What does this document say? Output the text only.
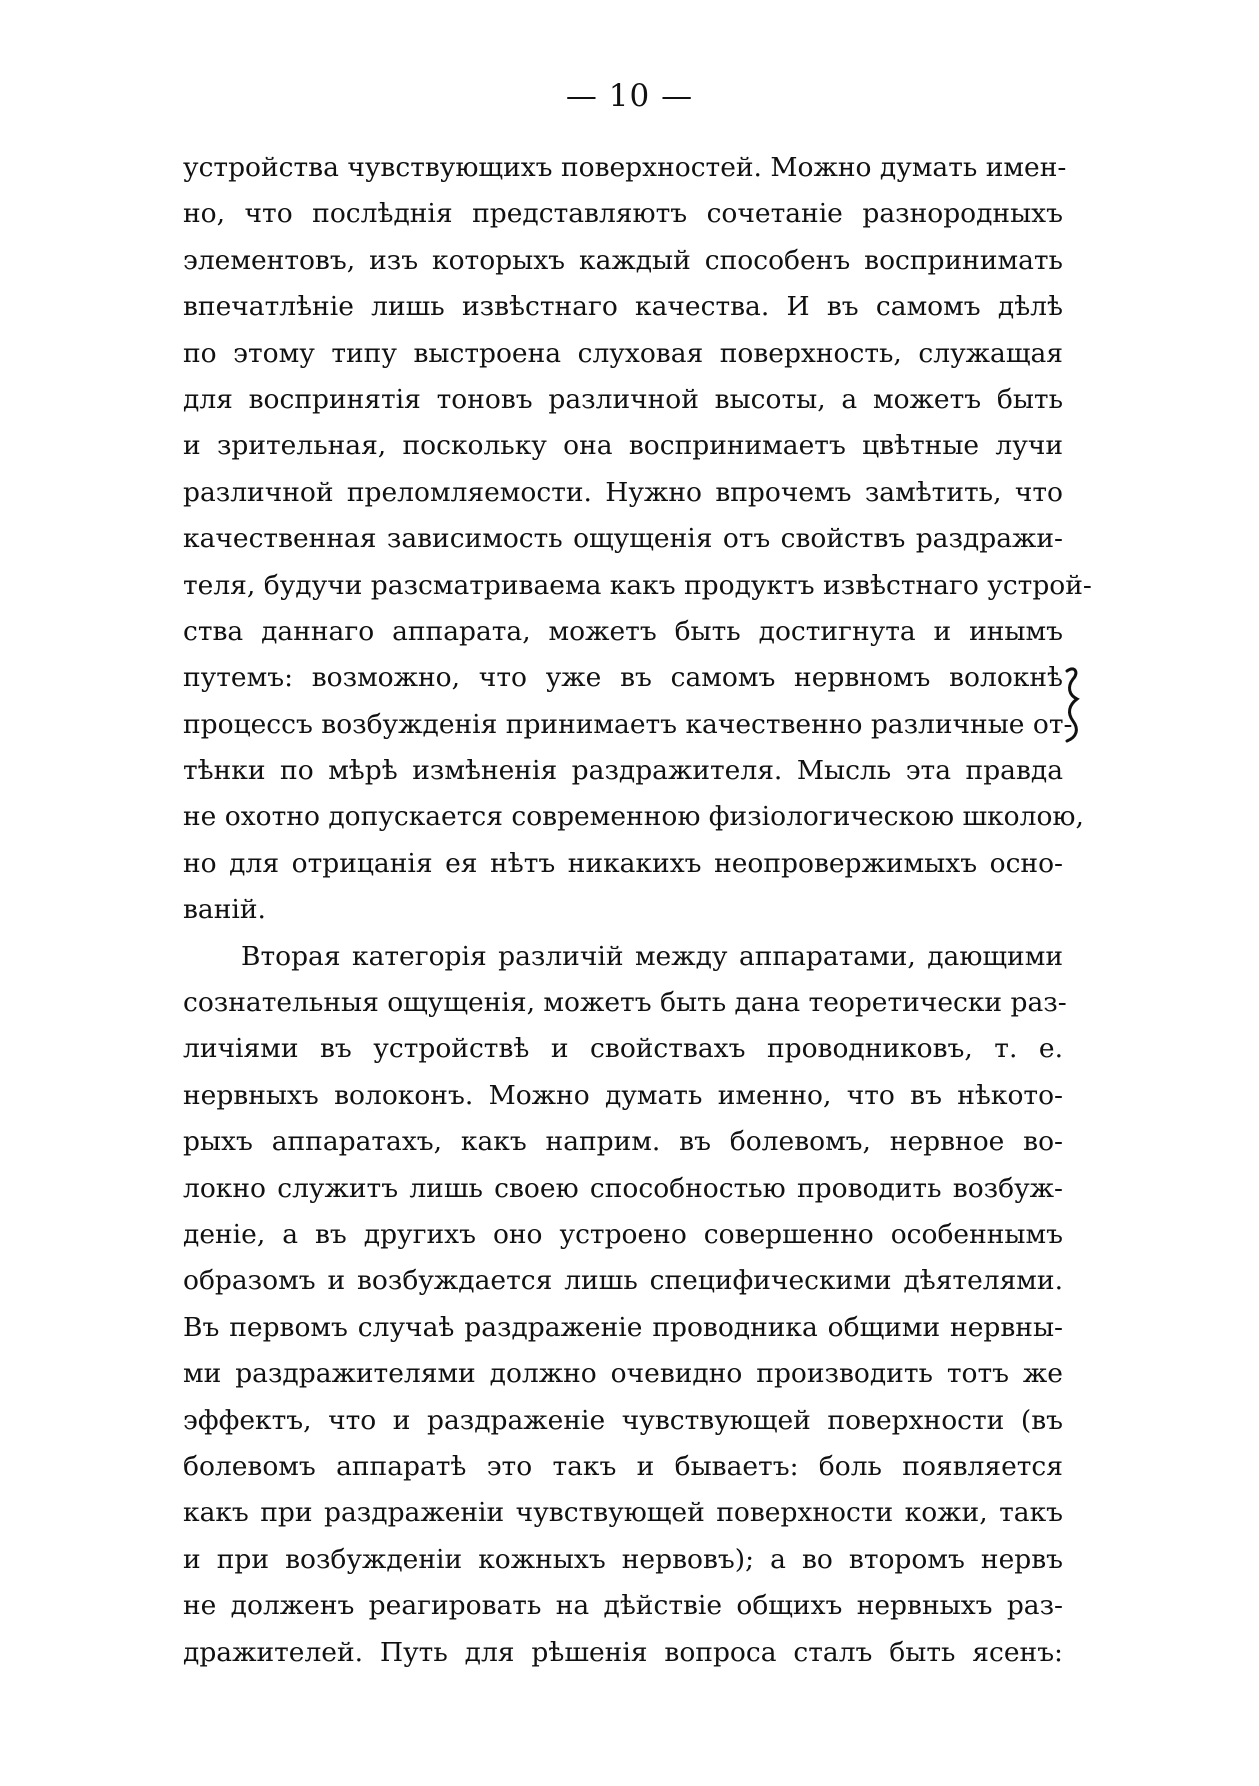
— 10 —
устройства чувствующихъ поверхностей. Можно думать имен-
но, что послѣднія представляютъ сочетаніе разнородныхъ
элементовъ, изъ которыхъ каждый способенъ воспринимать
впечатлѣніе лишь извѣстнаго качества. И въ самомъ дѣлѣ
по этому типу выстроена слуховая поверхность, служащая
для воспринятія тоновъ различной высоты, а можетъ быть
и зрительная, поскольку она воспринимаетъ цвѣтные лучи
различной преломляемости. Нужно впрочемъ замѣтить, что
качественная зависимость ощущенія отъ свойствъ раздражи-
теля, будучи разсматриваема какъ продуктъ извѣстнаго устрой-
ства даннаго аппарата, можетъ быть достигнута и инымъ
путемъ: возможно, что уже въ самомъ нервномъ волокнѣ
процессъ возбужденія принимаетъ качественно различные от-
тѣнки по мѣрѣ измѣненія раздражителя. Мысль эта правда
не охотно допускается современною физіологическою школою,
но для отрицанія ея нѣтъ никакихъ неопровержимыхъ осно-
ваній.
Вторая категорія различій между аппаратами, дающими
сознательныя ощущенія, можетъ быть дана теоретически раз-
личіями въ устройствѣ и свойствахъ проводниковъ, т. е.
нервныхъ волоконъ. Можно думать именно, что въ нѣкото-
рыхъ аппаратахъ, какъ наприм. въ болевомъ, нервное во-
локно служитъ лишь своею способностью проводить возбуж-
деніе, а въ другихъ оно устроено совершенно особеннымъ
образомъ и возбуждается лишь специфическими дѣятелями.
Въ первомъ случаѣ раздраженіе проводника общими нервны-
ми раздражителями должно очевидно производить тотъ же
эффектъ, что и раздраженіе чувствующей поверхности (въ
болевомъ аппаратѣ это такъ и бываетъ: боль появляется
какъ при раздраженіи чувствующей поверхности кожи, такъ
и при возбужденіи кожныхъ нервовъ); а во второмъ нервъ
не долженъ реагировать на дѣйствіе общихъ нервныхъ раз-
дражителей. Путь для рѣшенія вопроса сталъ быть ясенъ:
